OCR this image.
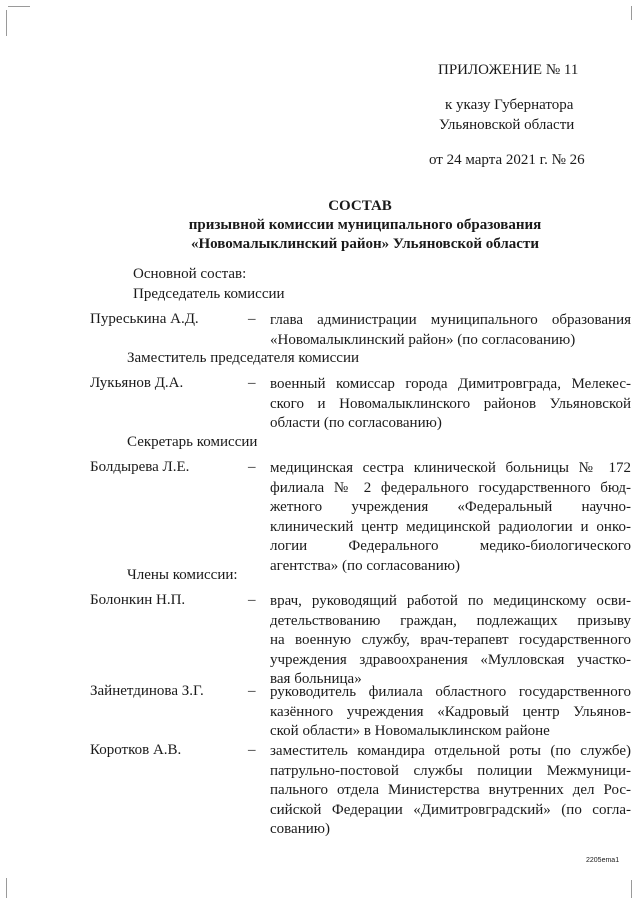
ПРИЛОЖЕНИЕ № 11
к указу Губернатора
Ульяновской области
от 24 марта 2021 г. № 26
СОСТАВ
призывной комиссии муниципального образования
«Новомалыклинский район» Ульяновской области
Основной состав:
Председатель комиссии
Пуреськина А.Д.	– глава администрации муниципального образования
«Новомалыклинский район» (по согласованию)
Заместитель председателя комиссии
Лукьянов Д.А.	– военный комиссар города Димитровграда, Мелекес-
ского и Новомалыклинского районов Ульяновской
области (по согласованию)
Секретарь комиссии
Болдырева Л.Е.	– медицинская сестра клинической больницы № 172
филиала № 2 федерального государственного бюд-
жетного учреждения «Федеральный научно-
клинический центр медицинской радиологии и онко-
логии Федерального медико-биологического
агентства» (по согласованию)
Члены комиссии:
Болонкин Н.П.	– врач, руководящий работой по медицинскому осви-
детельствованию граждан, подлежащих призыву
на военную службу, врач-терапевт государственного
учреждения здравоохранения «Мулловская участко-
вая больница»
Зайнетдинова З.Г.	– руководитель филиала областного государственного
казённого учреждения «Кадровый центр Ульянов-
ской области» в Новомалыклинском районе
Коротков А.В.	– заместитель командира отдельной роты (по службе)
патрульно-постовой службы полиции Межмуници-
пального отдела Министерства внутренних дел Рос-
сийской Федерации «Димитровградский» (по согла-
сованию)
2205ema1
